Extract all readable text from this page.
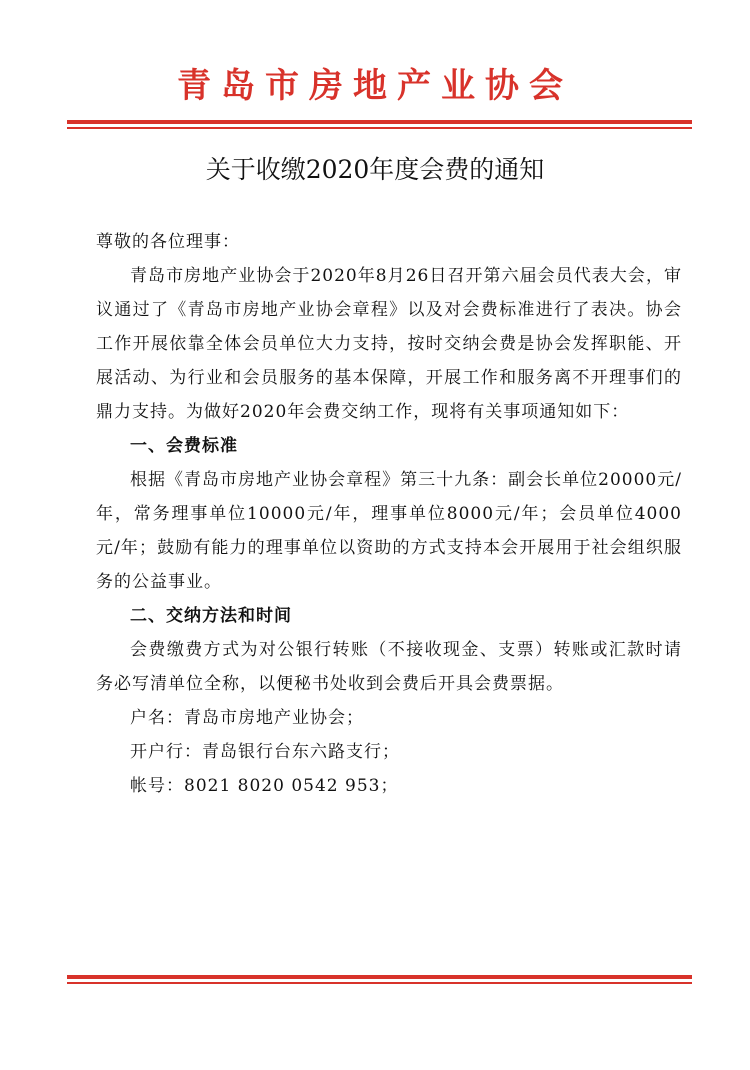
青岛市房地产业协会
关于收缴2020年度会费的通知

尊敬的各位理事：

青岛市房地产业协会于2020年8月26日召开第六届会员代表大会，审议通过了《青岛市房地产业协会章程》以及对会费标准进行了表决。协会工作开展依靠全体会员单位大力支持，按时交纳会费是协会发挥职能、开展活动、为行业和会员服务的基本保障，开展工作和服务离不开理事们的鼎力支持。为做好2020年会费交纳工作，现将有关事项通知如下：

一、会费标准

根据《青岛市房地产业协会章程》第三十九条：副会长单位20000元/年，常务理事单位10000元/年，理事单位8000元/年；会员单位4000元/年；鼓励有能力的理事单位以资助的方式支持本会开展用于社会组织服务的公益事业。

二、交纳方法和时间

会费缴费方式为对公银行转账（不接收现金、支票）转账或汇款时请务必写清单位全称，以便秘书处收到会费后开具会费票据。

户名：青岛市房地产业协会；

开户行：青岛银行台东六路支行；

帐号：8021 8020 0542 953；
